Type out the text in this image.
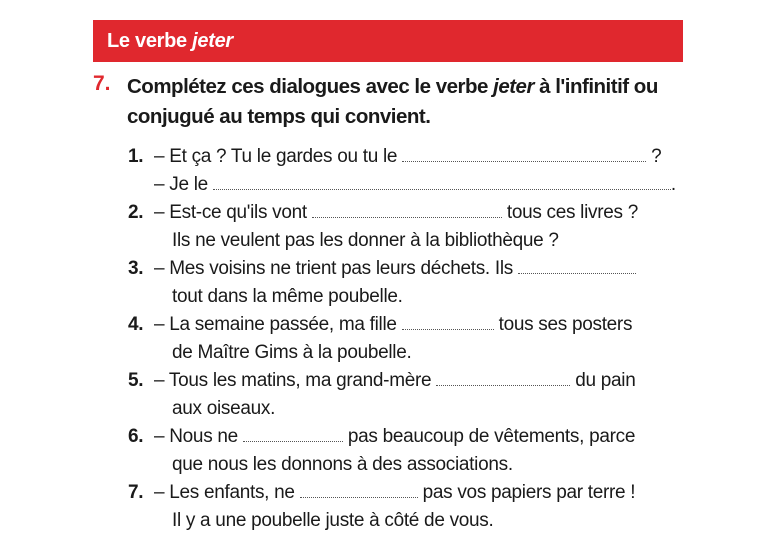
Le verbe jeter
7. Complétez ces dialogues avec le verbe jeter à l'infinitif ou
conjugué au temps qui convient.
1. – Et ça ? Tu le gardes ou tu le	?
– Je le	.
2. – Est-ce qu'ils vont	tous ces livres ?
Ils ne veulent pas les donner à la bibliothèque ?
3. – Mes voisins ne trient pas leurs déchets. Ils
tout dans la même poubelle.
4. – La semaine passée, ma fille	tous ses posters
de Maître Gims à la poubelle.
5. – Tous les matins, ma grand-mère	du pain
aux oiseaux.
6. – Nous ne	pas beaucoup de vêtements, parce
que nous les donnons à des associations.
7. – Les enfants, ne	pas vos papiers par terre !
Il y a une poubelle juste à côté de vous.
